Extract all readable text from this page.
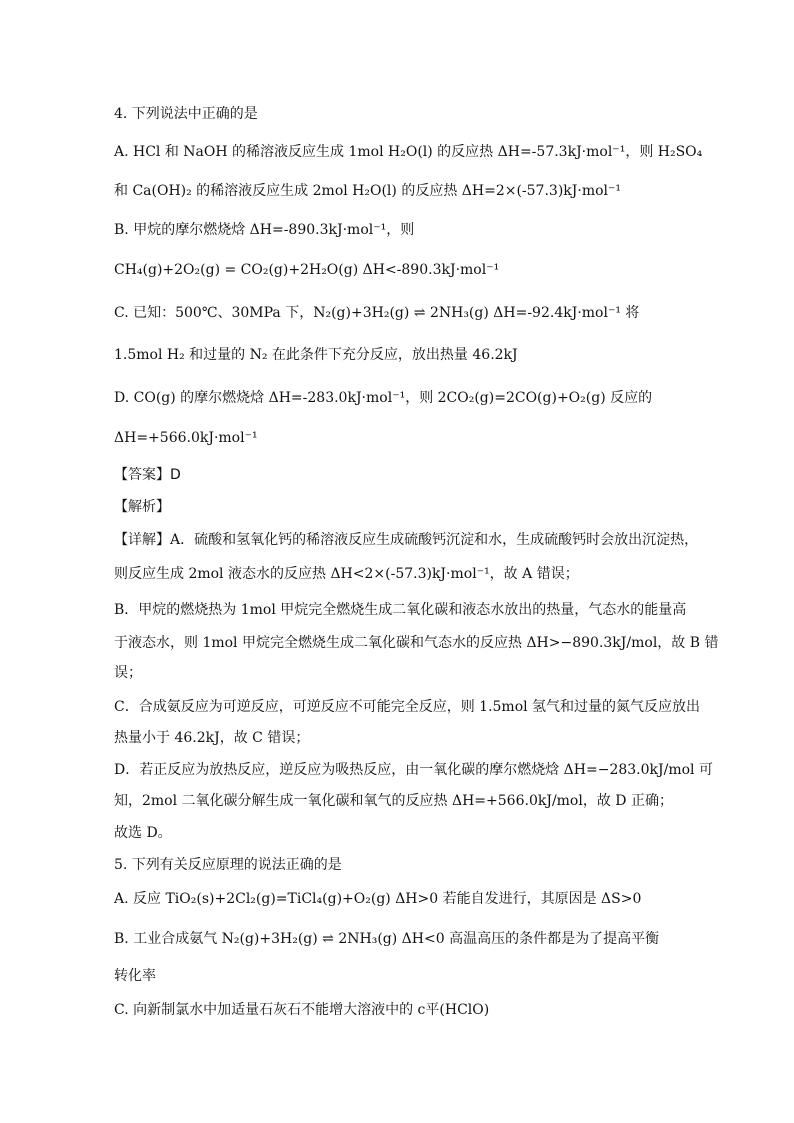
4. 下列说法中正确的是
A. HCl 和 NaOH 的稀溶液反应生成 1mol H₂O(l) 的反应热 ΔH=-57.3kJ·mol⁻¹，则 H₂SO₄
和 Ca(OH)₂ 的稀溶液反应生成 2mol H₂O(l) 的反应热 ΔH=2×(-57.3)kJ·mol⁻¹
B. 甲烷的摩尔燃烧焓 ΔH=-890.3kJ·mol⁻¹，则
CH₄(g)+2O₂(g) = CO₂(g)+2H₂O(g) ΔH<-890.3kJ·mol⁻¹
C. 已知：500℃、30MPa 下，N₂(g)+3H₂(g) ⇌ 2NH₃(g) ΔH=-92.4kJ·mol⁻¹ 将
1.5mol H₂ 和过量的 N₂ 在此条件下充分反应，放出热量 46.2kJ
D. CO(g) 的摩尔燃烧焓 ΔH=-283.0kJ·mol⁻¹，则 2CO₂(g)=2CO(g)+O₂(g) 反应的
ΔH=+566.0kJ·mol⁻¹
【答案】D
【解析】
【详解】A．硫酸和氢氧化钙的稀溶液反应生成硫酸钙沉淀和水，生成硫酸钙时会放出沉淀热，
则反应生成 2mol 液态水的反应热 ΔH<2×(-57.3)kJ·mol⁻¹，故 A 错误；
B．甲烷的燃烧热为 1mol 甲烷完全燃烧生成二氧化碳和液态水放出的热量，气态水的能量高
于液态水，则 1mol 甲烷完全燃烧生成二氧化碳和气态水的反应热 ΔH>−890.3kJ/mol，故 B 错
误；
C．合成氨反应为可逆反应，可逆反应不可能完全反应，则 1.5mol 氢气和过量的氮气反应放出
热量小于 46.2kJ，故 C 错误；
D．若正反应为放热反应，逆反应为吸热反应，由一氧化碳的摩尔燃烧焓 ΔH=−283.0kJ/mol 可
知，2mol 二氧化碳分解生成一氧化碳和氧气的反应热 ΔH=+566.0kJ/mol，故 D 正确；
故选 D。
5. 下列有关反应原理的说法正确的是
A. 反应 TiO₂(s)+2Cl₂(g)=TiCl₄(g)+O₂(g) ΔH>0 若能自发进行，其原因是 ΔS>0
B. 工业合成氨气 N₂(g)+3H₂(g) ⇌ 2NH₃(g) ΔH<0 高温高压的条件都是为了提高平衡
转化率
C. 向新制氯水中加适量石灰石不能增大溶液中的 c平(HClO)
